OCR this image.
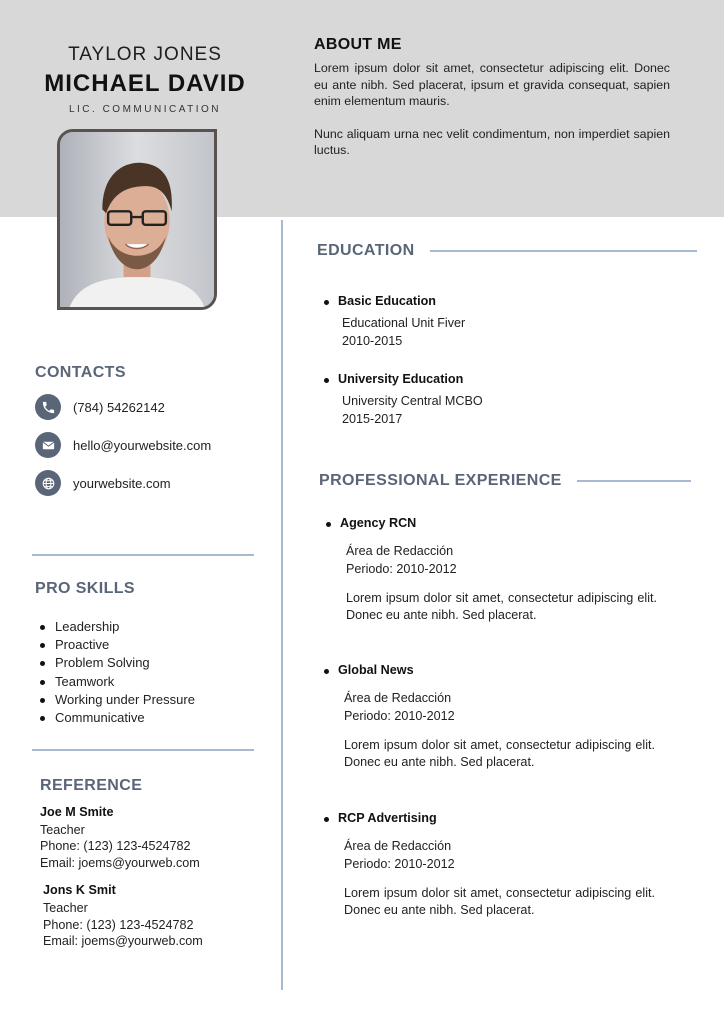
TAYLOR JONES
MICHAEL DAVID
LIC. COMMUNICATION
ABOUT ME

Lorem ipsum dolor sit amet, consectetur adipiscing elit. Donec eu ante nibh. Sed placerat, ipsum et gravida consequat, sapien enim elementum mauris.

Nunc aliquam urna nec velit condimentum, non imperdiet sapien luctus.

CONTACTS
(784) 54262142
hello@yourwebsite.com
yourwebsite.com
PRO SKILLS
Leadership
Proactive
Problem Solving
Teamwork
Working under Pressure
Communicative
REFERENCE
Joe M Smite
Teacher
Phone: (123) 123-4524782
Email: joems@yourweb.com
Jons K Smit
Teacher
Phone: (123) 123-4524782
Email: joems@yourweb.com
EDUCATION
Basic Education
Educational Unit Fiver
2010-2015
University Education
University Central MCBO
2015-2017
PROFESSIONAL EXPERIENCE
Agency RCN
Área de Redacción
Periodo: 2010-2012
Lorem ipsum dolor sit amet, consectetur adipiscing elit. Donec eu ante nibh. Sed placerat.
Global News
Área de Redacción
Periodo: 2010-2012
Lorem ipsum dolor sit amet, consectetur adipiscing elit. Donec eu ante nibh. Sed placerat.
RCP Advertising
Área de Redacción
Periodo: 2010-2012
Lorem ipsum dolor sit amet, consectetur adipiscing elit. Donec eu ante nibh. Sed placerat.
